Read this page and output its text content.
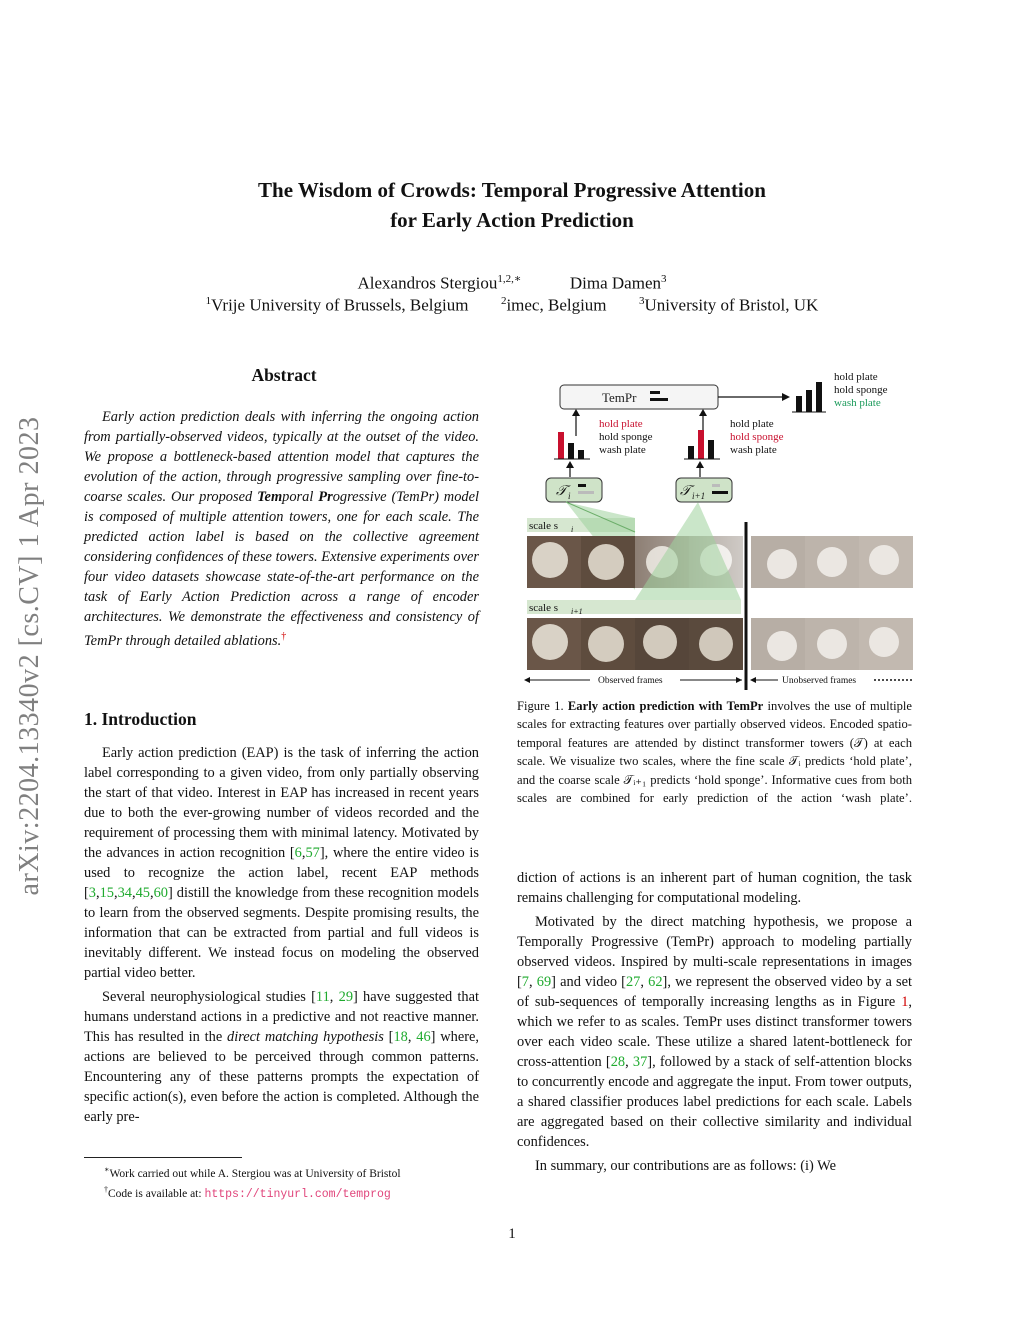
arXiv:2204.13340v2 [cs.CV] 1 Apr 2023
The Wisdom of Crowds: Temporal Progressive Attention
for Early Action Prediction
Alexandros Stergiou$^{1,2,∗}$	Dima Damen$^3$
$^1$Vrije University of Brussels, Belgium	$^2$imec, Belgium	$^3$University of Bristol, UK
Abstract

Early action prediction deals with inferring the ongoing action from partially-observed videos, typically at the outset of the video. We propose a bottleneck-based attention model that captures the evolution of the action, through progressive sampling over fine-to-coarse scales. Our proposed Temporal Progressive (TemPr) model is composed of multiple attention towers, one for each scale. The predicted action label is based on the collective agreement considering confidences of these towers. Extensive experiments over four video datasets showcase state-of-the-art performance on the task of Early Action Prediction across a range of encoder architectures. We demonstrate the effectiveness and consistency of TemPr through detailed ablations.†

1. Introduction

Early action prediction (EAP) is the task of inferring the action label corresponding to a given video, from only partially observing the start of that video. Interest in EAP has increased in recent years due to both the ever-growing number of videos recorded and the requirement of processing them with minimal latency. Motivated by the advances in action recognition [6,57], where the entire video is used to recognize the action label, recent EAP methods [3,15,34,45,60] distill the knowledge from these recognition models to learn from the observed segments. Despite promising results, the information that can be extracted from partial and full videos is inevitably different. We instead focus on modeling the observed partial video better.

Several neurophysiological studies [11, 29] have suggested that humans understand actions in a predictive and not reactive manner. This has resulted in the direct matching hypothesis [18, 46] where, actions are believed to be perceived through common patterns. Encountering any of these patterns prompts the expectation of specific action(s), even before the action is completed. Although the early pre-

∗Work carried out while A. Stergiou was at University of Bristol
†Code is available at: https://tinyurl.com/temprog
TemPr
hold plate
hold sponge
wash plate
hold plate
hold sponge
wash plate
hold plate
hold sponge
wash plate
𝒯 i	𝒯 i+1
scale s i
scale s i+1
Observed frames	Unobserved frames
Figure 1. Early action prediction with TemPr involves the use of multiple scales for extracting features over partially observed videos. Encoded spatio-temporal features are attended by distinct transformer towers (𝒯) at each scale. We visualize two scales, where the fine scale 𝒯ᵢ predicts ‘hold plate’, and the coarse scale 𝒯ᵢ₊₁ predicts ‘hold sponge’. Informative cues from both scales are combined for early prediction of the action ‘wash plate’.

diction of actions is an inherent part of human cognition, the task remains challenging for computational modeling.

Motivated by the direct matching hypothesis, we propose a Temporally Progressive (TemPr) approach to modeling partially observed videos. Inspired by multi-scale representations in images [7, 69] and video [27, 62], we represent the observed video by a set of sub-sequences of temporally increasing lengths as in Figure 1, which we refer to as scales. TemPr uses distinct transformer towers over each video scale. These utilize a shared latent-bottleneck for cross-attention [28, 37], followed by a stack of self-attention blocks to concurrently encode and aggregate the input. From tower outputs, a shared classifier produces label predictions for each scale. Labels are aggregated based on their collective similarity and individual confidences.

In summary, our contributions are as follows: (i) We

1
